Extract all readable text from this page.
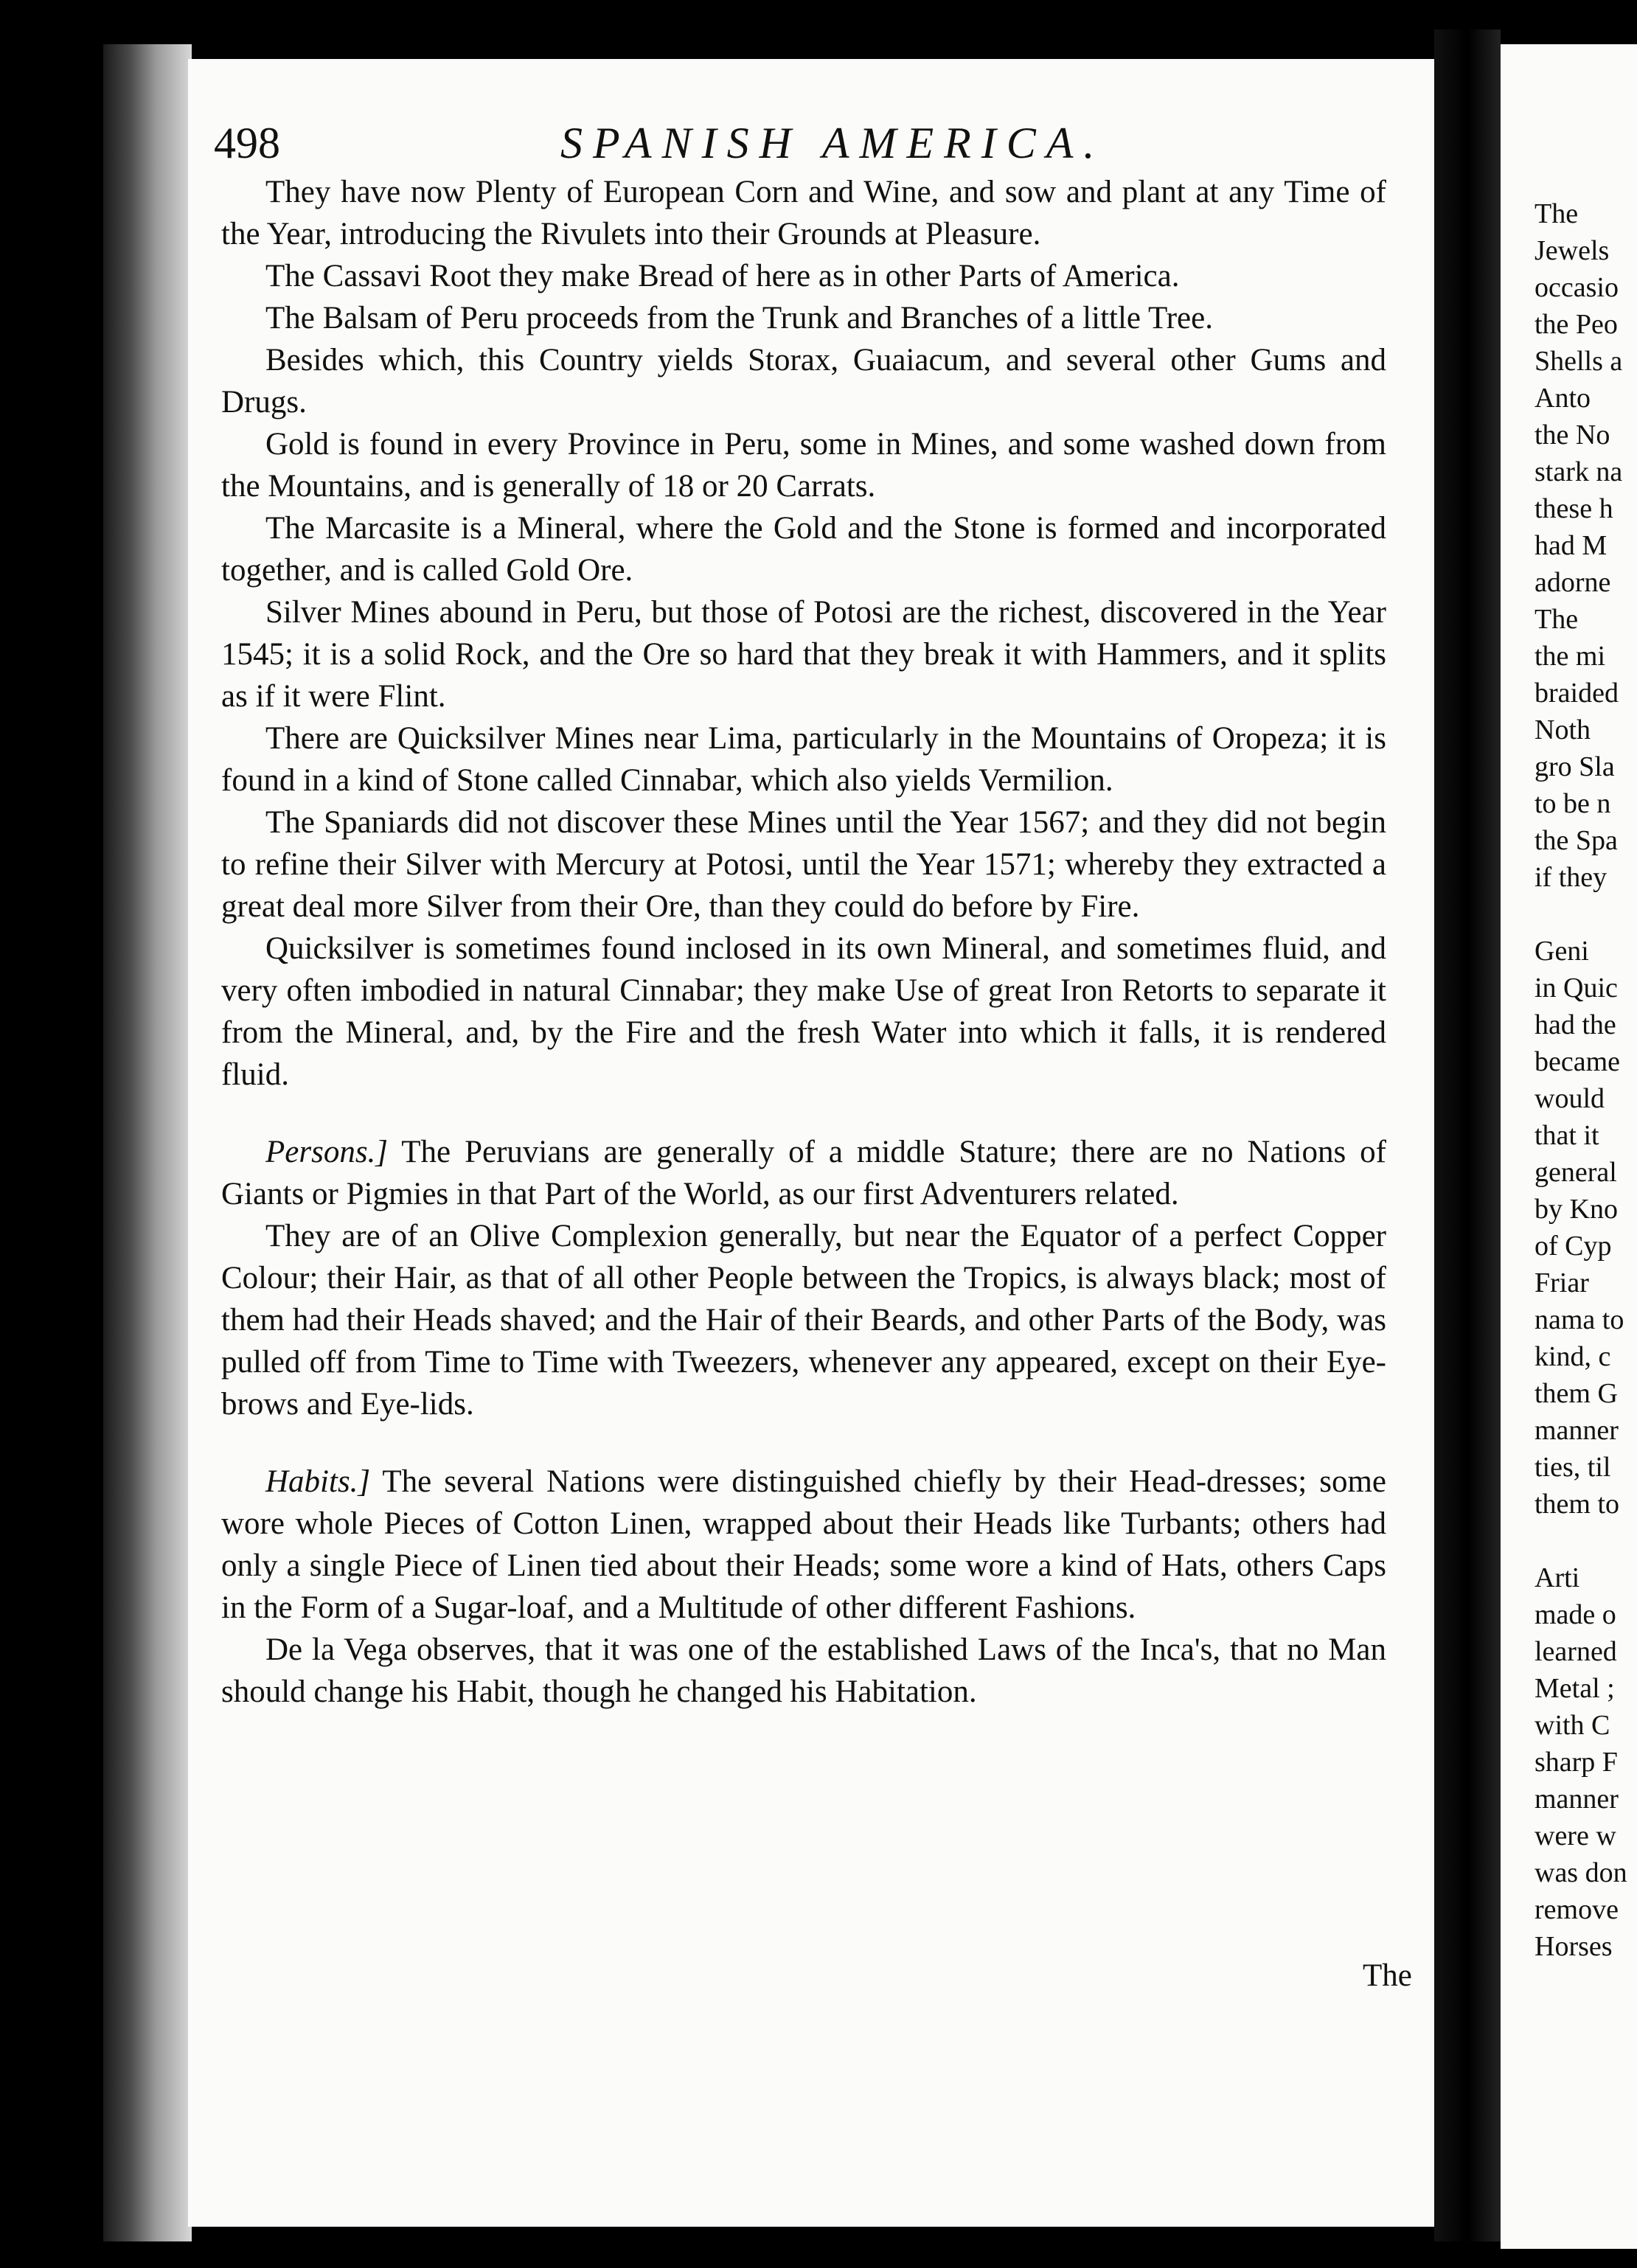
The
Jewels
occasio
the Peo
Shells a
Anto
the No
stark na
these h
had M
adorne
The
the mi
braided
Noth
gro Sla
to be n
the Spa
if they
Geni
in Quic
had the
became
would
that it
general
by Kno
of Cyp
Friar
nama to
kind, c
them G
manner
ties, til
them to
Arti
made o
learned
Metal ;
with C
sharp F
manner
were w
was don
remove
Horses
498	SPANISH AMERICA.

They have now Plenty of European Corn and Wine, and sow and plant at any Time of the Year, introducing the Rivulets into their Grounds at Pleasure.

The Cassavi Root they make Bread of here as in other Parts of America.

The Balsam of Peru proceeds from the Trunk and Branches of a little Tree.

Besides which, this Country yields Storax, Guaiacum, and several other Gums and Drugs.

Gold is found in every Province in Peru, some in Mines, and some washed down from the Mountains, and is generally of 18 or 20 Carrats.

The Marcasite is a Mineral, where the Gold and the Stone is formed and incorporated together, and is called Gold Ore.

Silver Mines abound in Peru, but those of Potosi are the richest, discovered in the Year 1545; it is a solid Rock, and the Ore so hard that they break it with Hammers, and it splits as if it were Flint.

There are Quicksilver Mines near Lima, particularly in the Mountains of Oropeza; it is found in a kind of Stone called Cinnabar, which also yields Vermilion.

The Spaniards did not discover these Mines until the Year 1567; and they did not begin to refine their Silver with Mercury at Potosi, until the Year 1571; whereby they extracted a great deal more Silver from their Ore, than they could do before by Fire.

Quicksilver is sometimes found inclosed in its own Mineral, and sometimes fluid, and very often imbodied in natural Cinnabar; they make Use of great Iron Retorts to separate it from the Mineral, and, by the Fire and the fresh Water into which it falls, it is rendered fluid.

Persons.] The Peruvians are generally of a middle Stature; there are no Nations of Giants or Pigmies in that Part of the World, as our first Adventurers related.

They are of an Olive Complexion generally, but near the Equator of a perfect Copper Colour; their Hair, as that of all other People between the Tropics, is always black; most of them had their Heads shaved; and the Hair of their Beards, and other Parts of the Body, was pulled off from Time to Time with Tweezers, whenever any appeared, except on their Eye-brows and Eye-lids.

Habits.] The several Nations were distinguished chiefly by their Head-dresses; some wore whole Pieces of Cotton Linen, wrapped about their Heads like Turbants; others had only a single Piece of Linen tied about their Heads; some wore a kind of Hats, others Caps in the Form of a Sugar-loaf, and a Multitude of other different Fashions.

De la Vega observes, that it was one of the established Laws of the Inca's, that no Man should change his Habit, though he changed his Habitation.

The
